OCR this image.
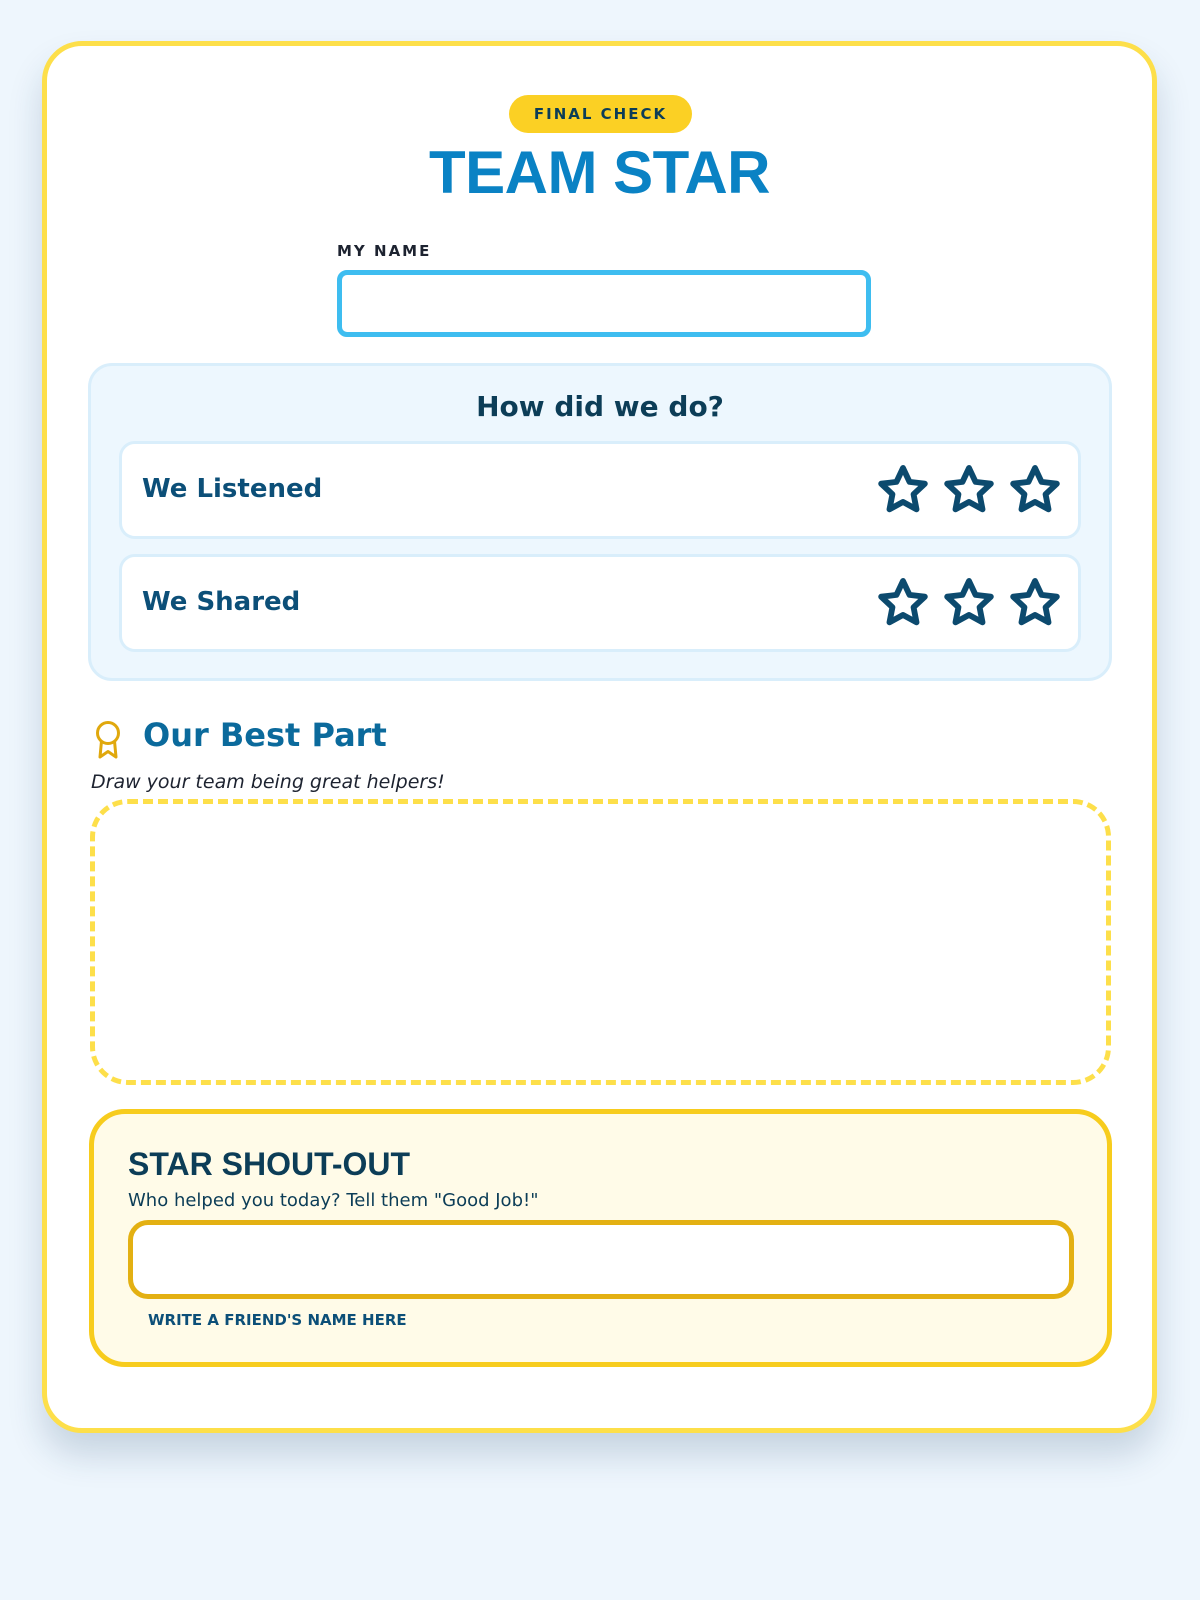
FINAL CHECK
TEAM STAR
MY NAME
How did we do?
We Listened
We Shared
Our Best Part
Draw your team being great helpers!
STAR SHOUT-OUT
Who helped you today? Tell them "Good Job!"
WRITE A FRIEND'S NAME HERE
